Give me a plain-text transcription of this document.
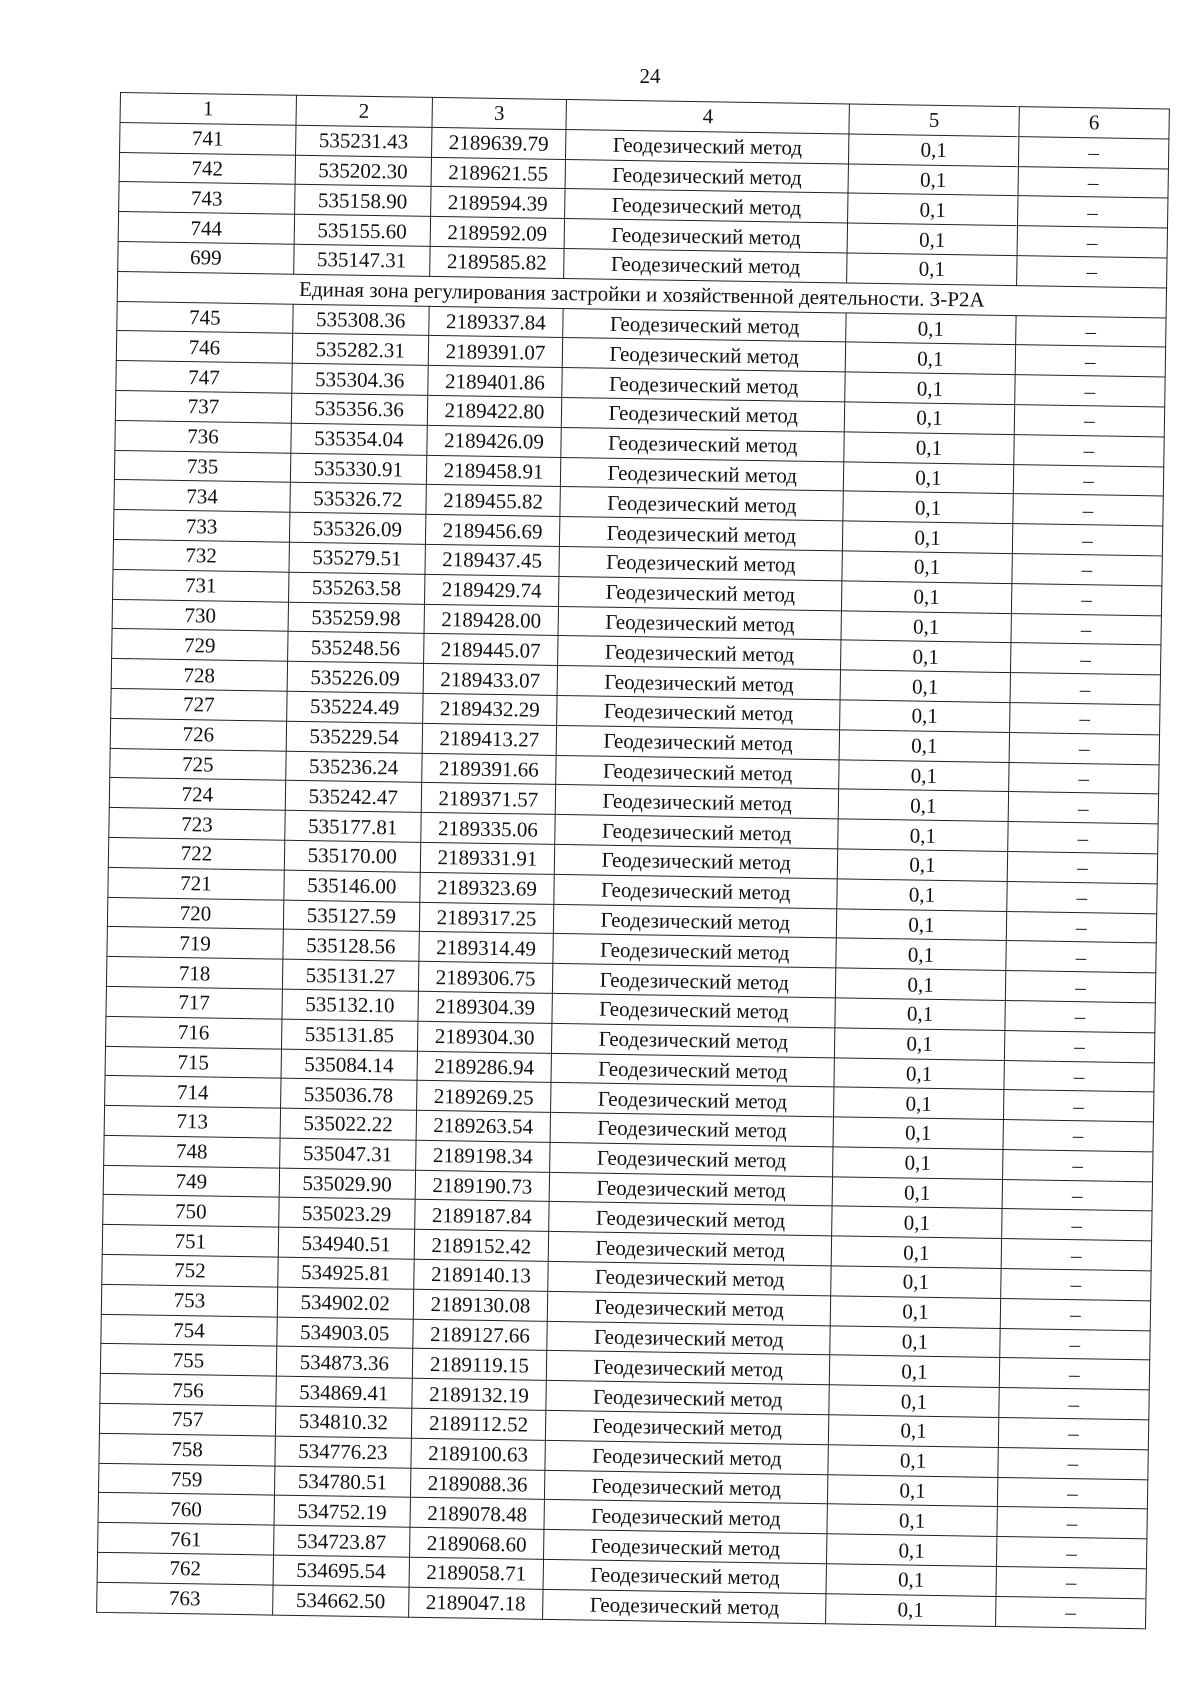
24
1	2	3	4	5	6
741	535231.43	2189639.79	Геодезический метод	0,1	–
742	535202.30	2189621.55	Геодезический метод	0,1	–
743	535158.90	2189594.39	Геодезический метод	0,1	–
744	535155.60	2189592.09	Геодезический метод	0,1	–
699	535147.31	2189585.82	Геодезический метод	0,1	–
Единая зона регулирования застройки и хозяйственной деятельности. З-Р2А					
745	535308.36	2189337.84	Геодезический метод	0,1	–
746	535282.31	2189391.07	Геодезический метод	0,1	–
747	535304.36	2189401.86	Геодезический метод	0,1	–
737	535356.36	2189422.80	Геодезический метод	0,1	–
736	535354.04	2189426.09	Геодезический метод	0,1	–
735	535330.91	2189458.91	Геодезический метод	0,1	–
734	535326.72	2189455.82	Геодезический метод	0,1	–
733	535326.09	2189456.69	Геодезический метод	0,1	–
732	535279.51	2189437.45	Геодезический метод	0,1	–
731	535263.58	2189429.74	Геодезический метод	0,1	–
730	535259.98	2189428.00	Геодезический метод	0,1	–
729	535248.56	2189445.07	Геодезический метод	0,1	–
728	535226.09	2189433.07	Геодезический метод	0,1	–
727	535224.49	2189432.29	Геодезический метод	0,1	–
726	535229.54	2189413.27	Геодезический метод	0,1	–
725	535236.24	2189391.66	Геодезический метод	0,1	–
724	535242.47	2189371.57	Геодезический метод	0,1	–
723	535177.81	2189335.06	Геодезический метод	0,1	–
722	535170.00	2189331.91	Геодезический метод	0,1	–
721	535146.00	2189323.69	Геодезический метод	0,1	–
720	535127.59	2189317.25	Геодезический метод	0,1	–
719	535128.56	2189314.49	Геодезический метод	0,1	–
718	535131.27	2189306.75	Геодезический метод	0,1	–
717	535132.10	2189304.39	Геодезический метод	0,1	–
716	535131.85	2189304.30	Геодезический метод	0,1	–
715	535084.14	2189286.94	Геодезический метод	0,1	–
714	535036.78	2189269.25	Геодезический метод	0,1	–
713	535022.22	2189263.54	Геодезический метод	0,1	–
748	535047.31	2189198.34	Геодезический метод	0,1	–
749	535029.90	2189190.73	Геодезический метод	0,1	–
750	535023.29	2189187.84	Геодезический метод	0,1	–
751	534940.51	2189152.42	Геодезический метод	0,1	–
752	534925.81	2189140.13	Геодезический метод	0,1	–
753	534902.02	2189130.08	Геодезический метод	0,1	–
754	534903.05	2189127.66	Геодезический метод	0,1	–
755	534873.36	2189119.15	Геодезический метод	0,1	–
756	534869.41	2189132.19	Геодезический метод	0,1	–
757	534810.32	2189112.52	Геодезический метод	0,1	–
758	534776.23	2189100.63	Геодезический метод	0,1	–
759	534780.51	2189088.36	Геодезический метод	0,1	–
760	534752.19	2189078.48	Геодезический метод	0,1	–
761	534723.87	2189068.60	Геодезический метод	0,1	–
762	534695.54	2189058.71	Геодезический метод	0,1	–
763	534662.50	2189047.18	Геодезический метод	0,1	–
